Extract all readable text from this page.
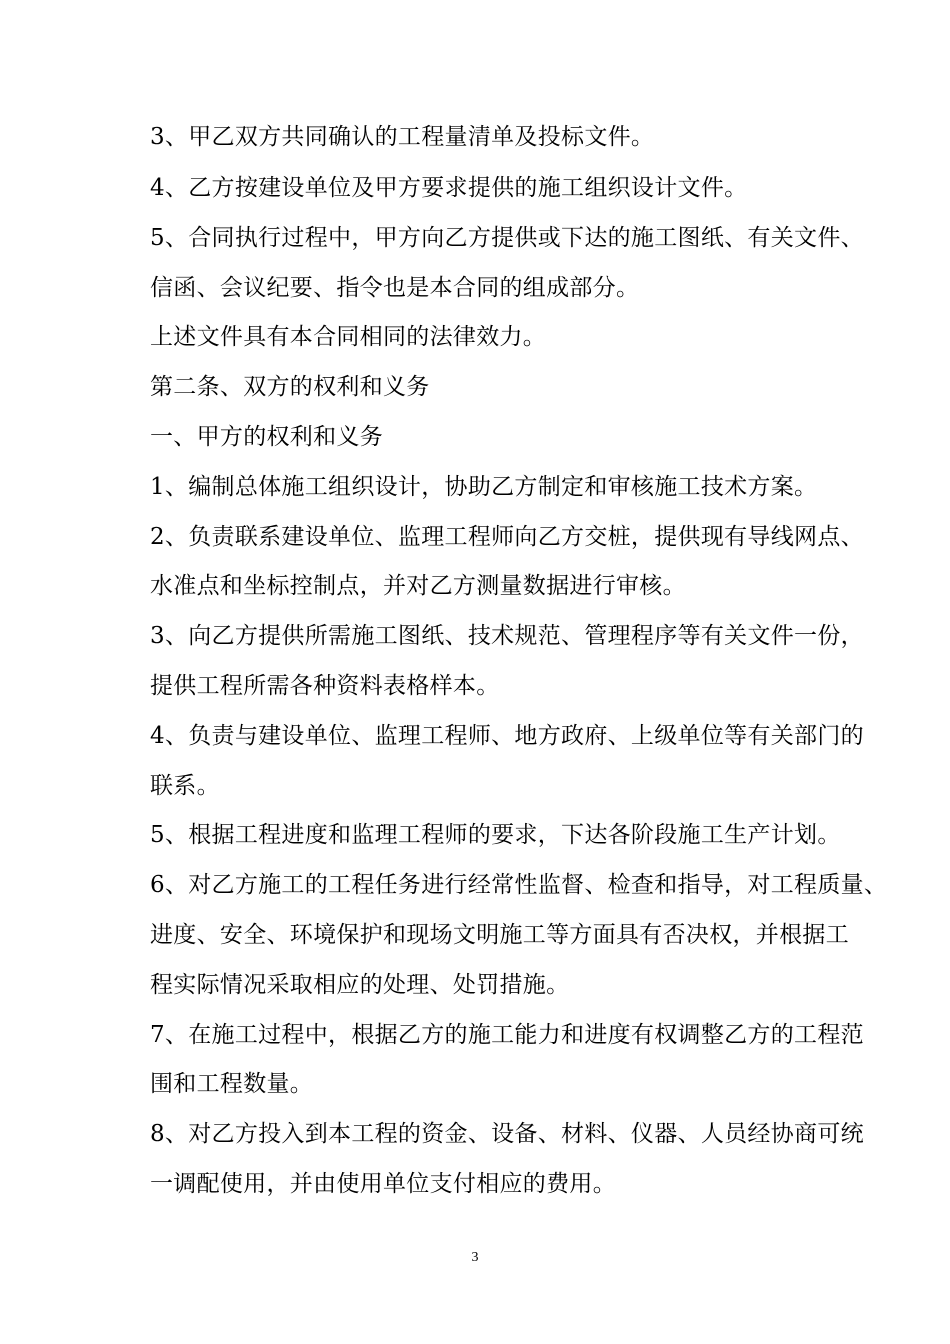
3、甲乙双方共同确认的工程量清单及投标文件。
4、乙方按建设单位及甲方要求提供的施工组织设计文件。
5、合同执行过程中，甲方向乙方提供或下达的施工图纸、有关文件、
信函、会议纪要、指令也是本合同的组成部分。
上述文件具有本合同相同的法律效力。
第二条、双方的权利和义务
一、甲方的权利和义务
1、编制总体施工组织设计，协助乙方制定和审核施工技术方案。
2、负责联系建设单位、监理工程师向乙方交桩，提供现有导线网点、
水准点和坐标控制点，并对乙方测量数据进行审核。
3、向乙方提供所需施工图纸、技术规范、管理程序等有关文件一份，
提供工程所需各种资料表格样本。
4、负责与建设单位、监理工程师、地方政府、上级单位等有关部门的
联系。
5、根据工程进度和监理工程师的要求，下达各阶段施工生产计划。
6、对乙方施工的工程任务进行经常性监督、检查和指导，对工程质量、
进度、安全、环境保护和现场文明施工等方面具有否决权，并根据工
程实际情况采取相应的处理、处罚措施。
7、在施工过程中，根据乙方的施工能力和进度有权调整乙方的工程范
围和工程数量。
8、对乙方投入到本工程的资金、设备、材料、仪器、人员经协商可统
一调配使用，并由使用单位支付相应的费用。
3
